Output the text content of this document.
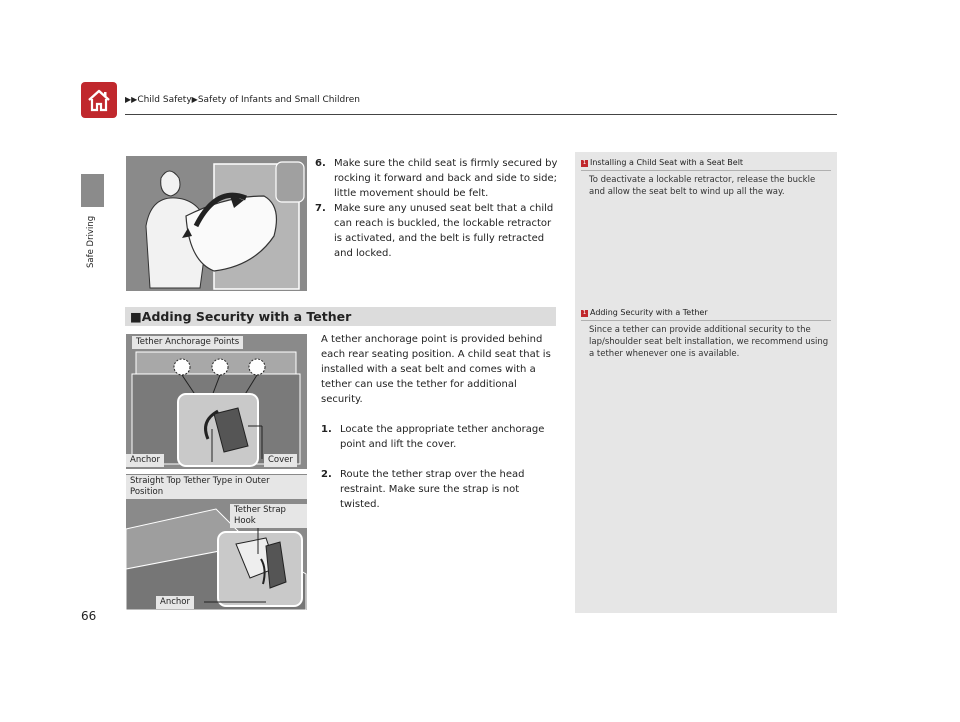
▶▶Child Safety▶Safety of Infants and Small Children
Safe Driving
6. Make sure the child seat is firmly secured by rocking it forward and back and side to side; little movement should be felt.
7. Make sure any unused seat belt that a child can reach is buckled, the lockable retractor is activated, and the belt is fully retracted and locked.
■Adding Security with a Tether
Tether Anchorage Points
Anchor	Cover
Straight Top Tether Type in Outer Position
Tether Strap Hook
Anchor
A tether anchorage point is provided behind each rear seating position. A child seat that is installed with a seat belt and comes with a tether can use the tether for additional security.
1. Locate the appropriate tether anchorage point and lift the cover.
2. Route the tether strap over the head restraint. Make sure the strap is not twisted.
1 Installing a Child Seat with a Seat Belt
To deactivate a lockable retractor, release the buckle and allow the seat belt to wind up all the way.
1 Adding Security with a Tether
Since a tether can provide additional security to the lap/shoulder seat belt installation, we recommend using a tether whenever one is available.
66
